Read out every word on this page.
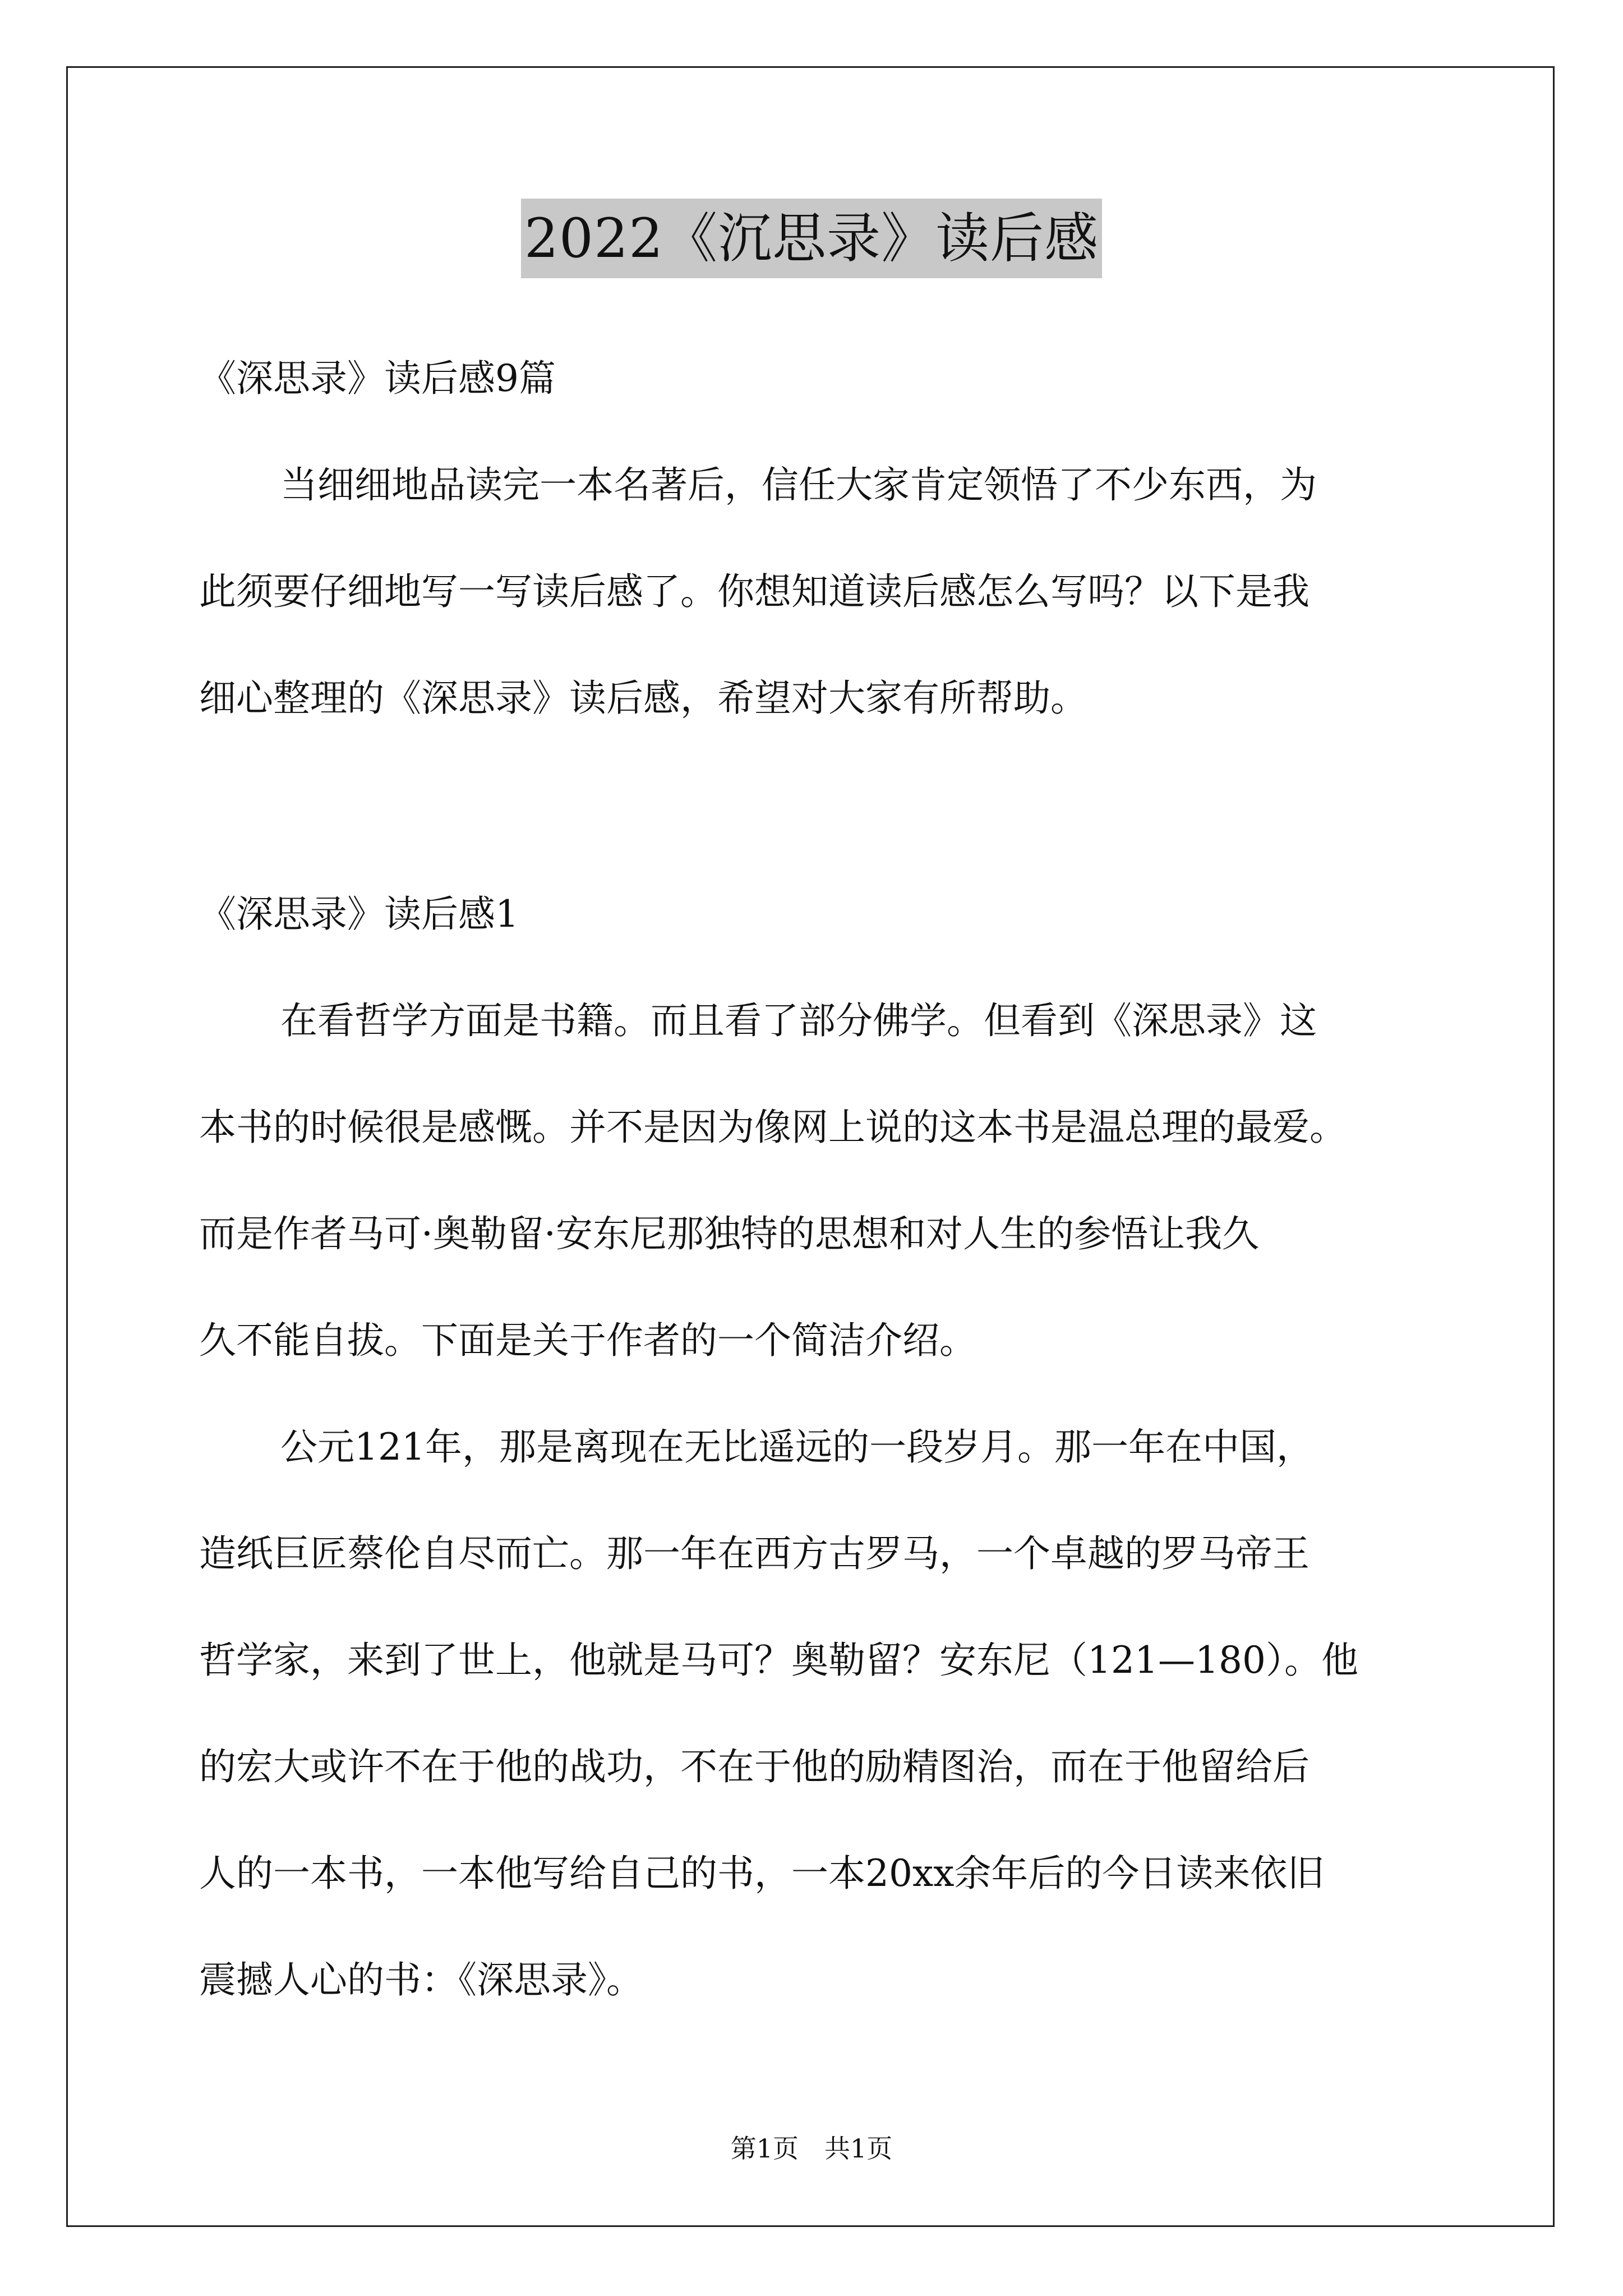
2022《沉思录》读后感
《深思录》读后感9篇
当细细地品读完一本名著后，信任大家肯定领悟了不少东西，为
此须要仔细地写一写读后感了。你想知道读后感怎么写吗？以下是我
细心整理的《深思录》读后感，希望对大家有所帮助。
《深思录》读后感1
在看哲学方面是书籍。而且看了部分佛学。但看到《深思录》这
本书的时候很是感慨。并不是因为像网上说的这本书是温总理的最爱。
而是作者马可·奥勒留·安东尼那独特的思想和对人生的参悟让我久
久不能自拔。下面是关于作者的一个简洁介绍。
公元121年，那是离现在无比遥远的一段岁月。那一年在中国，
造纸巨匠蔡伦自尽而亡。那一年在西方古罗马，一个卓越的罗马帝王
哲学家，来到了世上，他就是马可？奥勒留？安东尼（121—180）。他
的宏大或许不在于他的战功，不在于他的励精图治，而在于他留给后
人的一本书，一本他写给自己的书，一本20xx余年后的今日读来依旧
震撼人心的书：《深思录》。
第1页　共1页
